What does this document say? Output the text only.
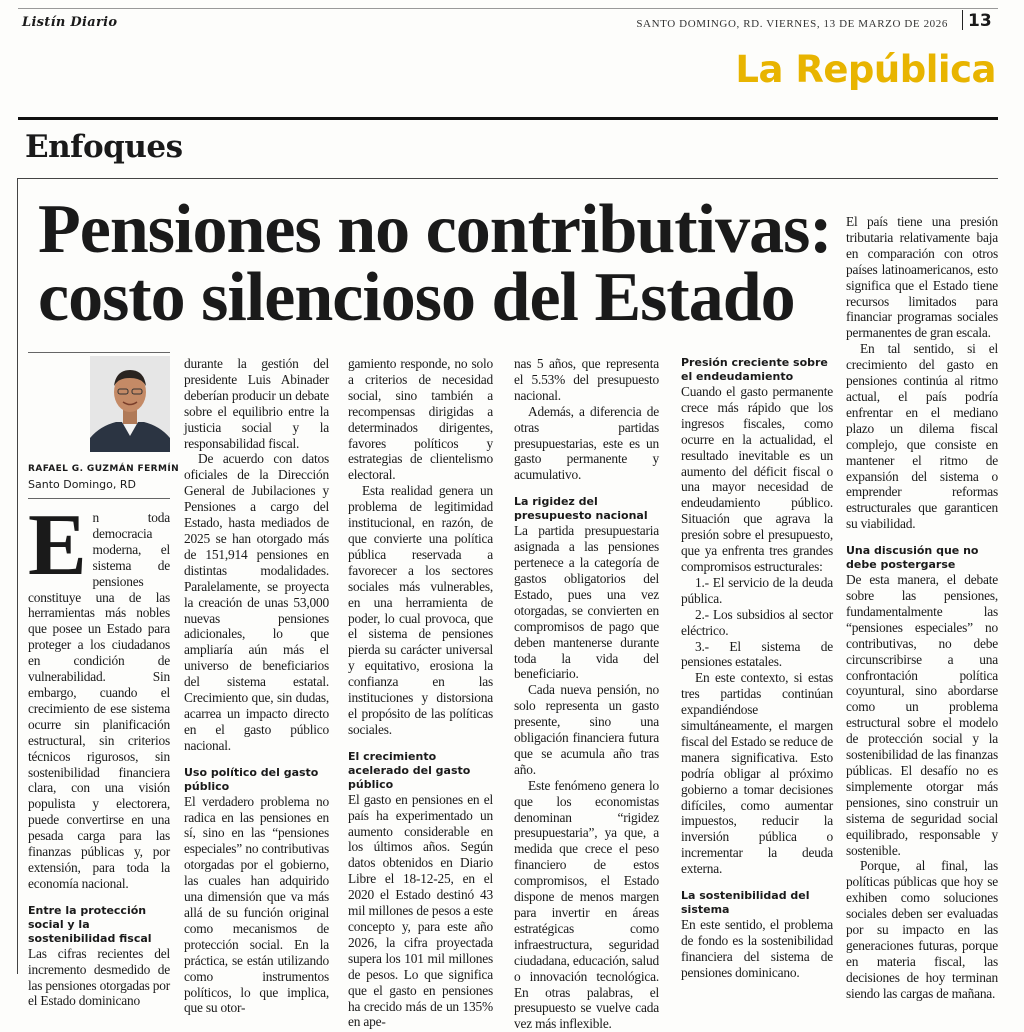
Listín Diario	SANTO DOMINGO, RD. VIERNES, 13 DE MARZO DE 2026 13
La República
Enfoques
Pensiones no contributivas:
costo silencioso del Estado
RAFAEL G. GUZMÁN FERMÍN
Santo Domingo, RD

En toda democracia moderna, el sistema de pensiones constituye una de las herramientas más nobles que posee un Estado para proteger a los ciudadanos en condición de vulnerabilidad. Sin embargo, cuando el crecimiento de ese sistema ocurre sin planificación estructural, sin criterios técnicos rigurosos, sin sostenibilidad financiera clara, con una visión populista y electorera, puede convertirse en una pesada carga para las finanzas públicas y, por extensión, para toda la economía nacional.

Entre la protección social y la sostenibilidad fiscal

Las cifras recientes del incremento desmedido de las pensiones otorgadas por el Estado dominicano

durante la gestión del presidente Luis Abinader deberían producir un debate sobre el equilibrio entre la justicia social y la responsabilidad fiscal.

De acuerdo con datos oficiales de la Dirección General de Jubilaciones y Pensiones a cargo del Estado, hasta mediados de 2025 se han otorgado más de 151,914 pensiones en distintas modalidades. Paralelamente, se proyecta la creación de unas 53,000 nuevas pensiones adicionales, lo que ampliaría aún más el universo de beneficiarios del sistema estatal. Crecimiento que, sin dudas, acarrea un impacto directo en el gasto público nacional.

Uso político del gasto público

El verdadero problema no radica en las pensiones en sí, sino en las “pensiones especiales” no contributivas otorgadas por el gobierno, las cuales han adquirido una dimensión que va más allá de su función original como mecanismos de protección social. En la práctica, se están utilizando como instrumentos políticos, lo que implica, que su otor-

gamiento responde, no solo a criterios de necesidad social, sino también a recompensas dirigidas a determinados dirigentes, favores políticos y estrategias de clientelismo electoral.

Esta realidad genera un problema de legitimidad institucional, en razón, de que convierte una política pública reservada a favorecer a los sectores sociales más vulnerables, en una herramienta de poder, lo cual provoca, que el sistema de pensiones pierda su carácter universal y equitativo, erosiona la confianza en las instituciones y distorsiona el propósito de las políticas sociales.

El crecimiento acelerado del gasto público

El gasto en pensiones en el país ha experimentado un aumento considerable en los últimos años. Según datos obtenidos en Diario Libre el 18-12-25, en el 2020 el Estado destinó 43 mil millones de pesos a este concepto y, para este año 2026, la cifra proyectada supera los 101 mil millones de pesos. Lo que significa que el gasto en pensiones ha crecido más de un 135% en ape-

nas 5 años, que representa el 5.53% del presupuesto nacional.

Además, a diferencia de otras partidas presupuestarias, este es un gasto permanente y acumulativo.

La rigidez del presupuesto nacional

La partida presupuestaria asignada a las pensiones pertenece a la categoría de gastos obligatorios del Estado, pues una vez otorgadas, se convierten en compromisos de pago que deben mantenerse durante toda la vida del beneficiario.

Cada nueva pensión, no solo representa un gasto presente, sino una obligación financiera futura que se acumula año tras año.

Este fenómeno genera lo que los economistas denominan “rigidez presupuestaria”, ya que, a medida que crece el peso financiero de estos compromisos, el Estado dispone de menos margen para invertir en áreas estratégicas como infraestructura, seguridad ciudadana, educación, salud o innovación tecnológica. En otras palabras, el presupuesto se vuelve cada vez más inflexible.

Presión creciente sobre el endeudamiento

Cuando el gasto permanente crece más rápido que los ingresos fiscales, como ocurre en la actualidad, el resultado inevitable es un aumento del déficit fiscal o una mayor necesidad de endeudamiento público. Situación que agrava la presión sobre el presupuesto, que ya enfrenta tres grandes compromisos estructurales:

1.- El servicio de la deuda pública.

2.- Los subsidios al sector eléctrico.

3.- El sistema de pensiones estatales.

En este contexto, si estas tres partidas continúan expandiéndose simultáneamente, el margen fiscal del Estado se reduce de manera significativa. Esto podría obligar al próximo gobierno a tomar decisiones difíciles, como aumentar impuestos, reducir la inversión pública o incrementar la deuda externa.

La sostenibilidad del sistema

En este sentido, el problema de fondo es la sostenibilidad financiera del sistema de pensiones dominicano.

El país tiene una presión tributaria relativamente baja en comparación con otros países latinoamericanos, esto significa que el Estado tiene recursos limitados para financiar programas sociales permanentes de gran escala.

En tal sentido, si el crecimiento del gasto en pensiones continúa al ritmo actual, el país podría enfrentar en el mediano plazo un dilema fiscal complejo, que consiste en mantener el ritmo de expansión del sistema o emprender reformas estructurales que garanticen su viabilidad.

Una discusión que no debe postergarse

De esta manera, el debate sobre las pensiones, fundamentalmente las “pensiones especiales” no contributivas, no debe circunscribirse a una confrontación política coyuntural, sino abordarse como un problema estructural sobre el modelo de protección social y la sostenibilidad de las finanzas públicas. El desafío no es simplemente otorgar más pensiones, sino construir un sistema de seguridad social equilibrado, responsable y sostenible.

Porque, al final, las políticas públicas que hoy se exhiben como soluciones sociales deben ser evaluadas por su impacto en las generaciones futuras, porque en materia fiscal, las decisiones de hoy terminan siendo las cargas de mañana.
